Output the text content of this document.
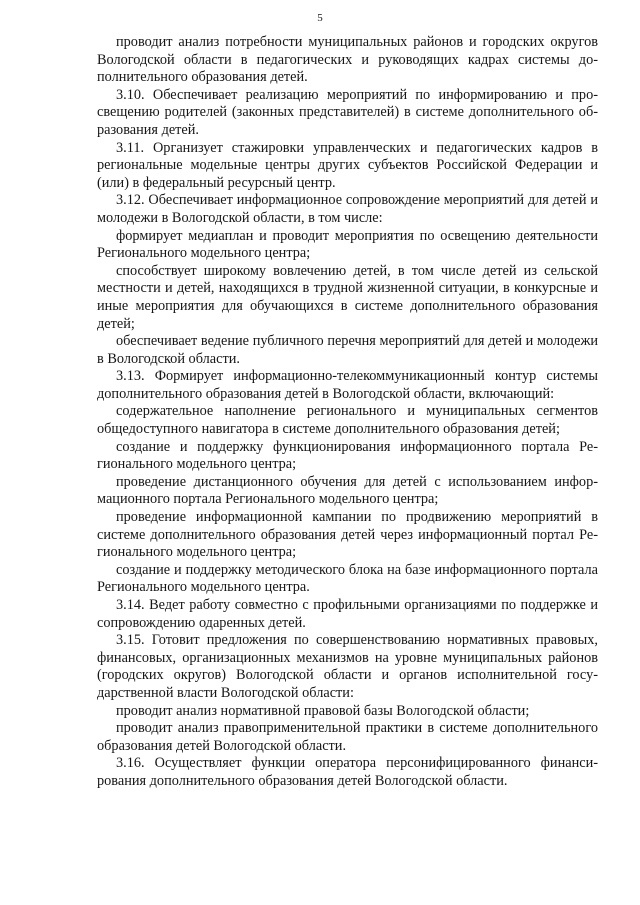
5

проводит анализ потребности муниципальных районов и городских округов Вологодской области в педагогических и руководящих кадрах системы дополнительного образования детей.

3.10. Обеспечивает реализацию мероприятий по информированию и просвещению родителей (законных представителей) в системе дополнительного образования детей.

3.11. Организует стажировки управленческих и педагогических кадров в региональные модельные центры других субъектов Российской Федерации и (или) в федеральный ресурсный центр.

3.12. Обеспечивает информационное сопровождение мероприятий для детей и молодежи в Вологодской области, в том числе:

формирует медиаплан и проводит мероприятия по освещению деятельности Регионального модельного центра;

способствует широкому вовлечению детей, в том числе детей из сельской местности и детей, находящихся в трудной жизненной ситуации, в конкурсные и иные мероприятия для обучающихся в системе дополнительного образования детей;

обеспечивает ведение публичного перечня мероприятий для детей и молодежи в Вологодской области.

3.13. Формирует информационно-телекоммуникационный контур системы дополнительного образования детей в Вологодской области, включающий:

содержательное наполнение регионального и муниципальных сегментов общедоступного навигатора в системе дополнительного образования детей;

создание и поддержку функционирования информационного портала Регионального модельного центра;

проведение дистанционного обучения для детей с использованием информационного портала Регионального модельного центра;

проведение информационной кампании по продвижению мероприятий в системе дополнительного образования детей через информационный портал Регионального модельного центра;

создание и поддержку методического блока на базе информационного портала Регионального модельного центра.

3.14. Ведет работу совместно с профильными организациями по поддержке и сопровождению одаренных детей.

3.15. Готовит предложения по совершенствованию нормативных правовых, финансовых, организационных механизмов на уровне муниципальных районов (городских округов) Вологодской области и органов исполнительной государственной власти Вологодской области:

проводит анализ нормативной правовой базы Вологодской области;

проводит анализ правоприменительной практики в системе дополнительного образования детей Вологодской области.

3.16. Осуществляет функции оператора персонифицированного финансирования дополнительного образования детей Вологодской области.
